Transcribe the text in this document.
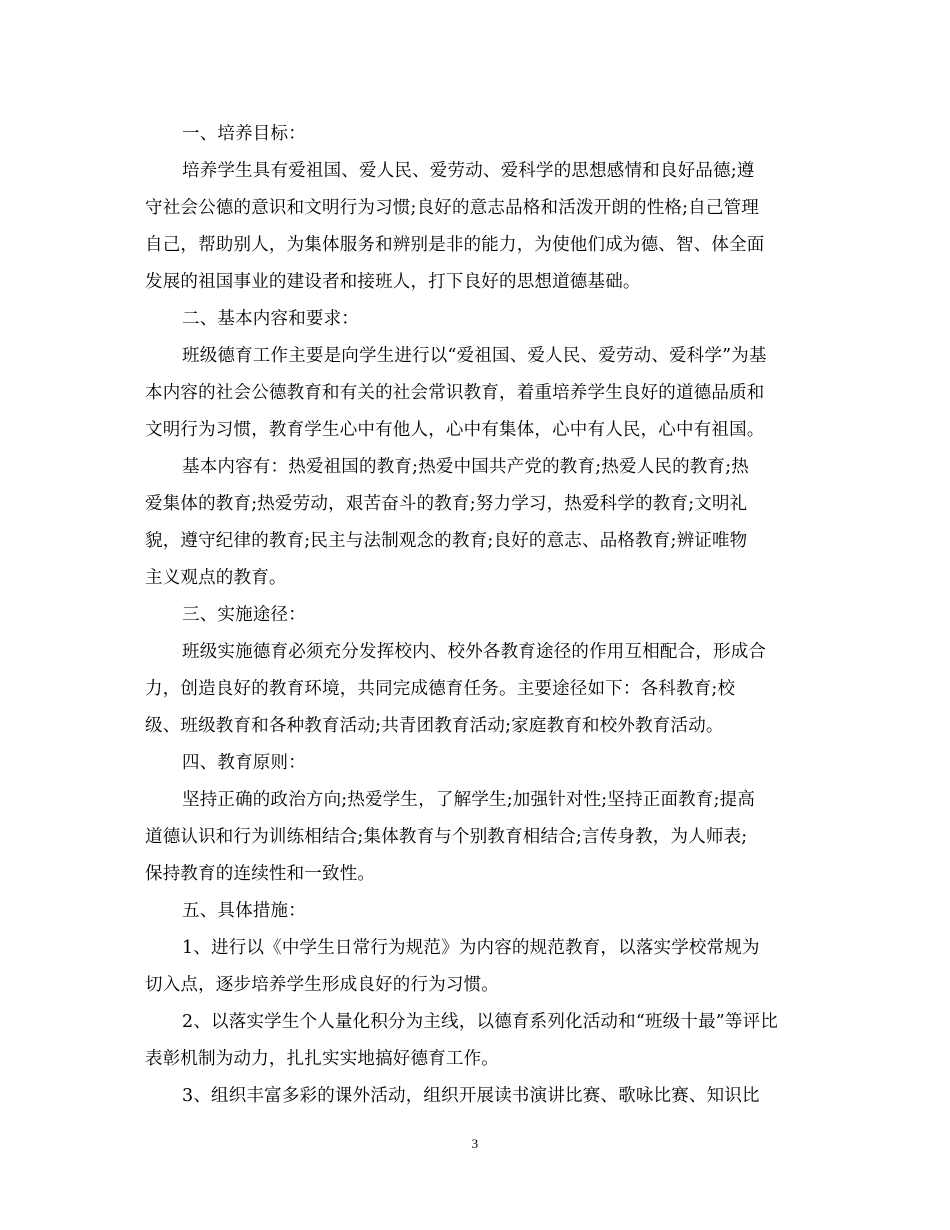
一、培养目标：
培养学生具有爱祖国、爱人民、爱劳动、爱科学的思想感情和良好品德;遵
守社会公德的意识和文明行为习惯;良好的意志品格和活泼开朗的性格;自己管理
自己，帮助别人，为集体服务和辨别是非的能力，为使他们成为德、智、体全面
发展的祖国事业的建设者和接班人，打下良好的思想道德基础。
二、基本内容和要求：
班级德育工作主要是向学生进行以“爱祖国、爱人民、爱劳动、爱科学”为基
本内容的社会公德教育和有关的社会常识教育，着重培养学生良好的道德品质和
文明行为习惯，教育学生心中有他人，心中有集体，心中有人民，心中有祖国。
基本内容有：热爱祖国的教育;热爱中国共产党的教育;热爱人民的教育;热
爱集体的教育;热爱劳动，艰苦奋斗的教育;努力学习，热爱科学的教育;文明礼
貌，遵守纪律的教育;民主与法制观念的教育;良好的意志、品格教育;辨证唯物
主义观点的教育。
三、实施途径：
班级实施德育必须充分发挥校内、校外各教育途径的作用互相配合，形成合
力，创造良好的教育环境，共同完成德育任务。主要途径如下：各科教育;校
级、班级教育和各种教育活动;共青团教育活动;家庭教育和校外教育活动。
四、教育原则：
坚持正确的政治方向;热爱学生，了解学生;加强针对性;坚持正面教育;提高
道德认识和行为训练相结合;集体教育与个别教育相结合;言传身教，为人师表;
保持教育的连续性和一致性。
五、具体措施：
1、进行以《中学生日常行为规范》为内容的规范教育，以落实学校常规为
切入点，逐步培养学生形成良好的行为习惯。
2、以落实学生个人量化积分为主线，以德育系列化活动和“班级十最”等评比
表彰机制为动力，扎扎实实地搞好德育工作。
3、组织丰富多彩的课外活动，组织开展读书演讲比赛、歌咏比赛、知识比
3
